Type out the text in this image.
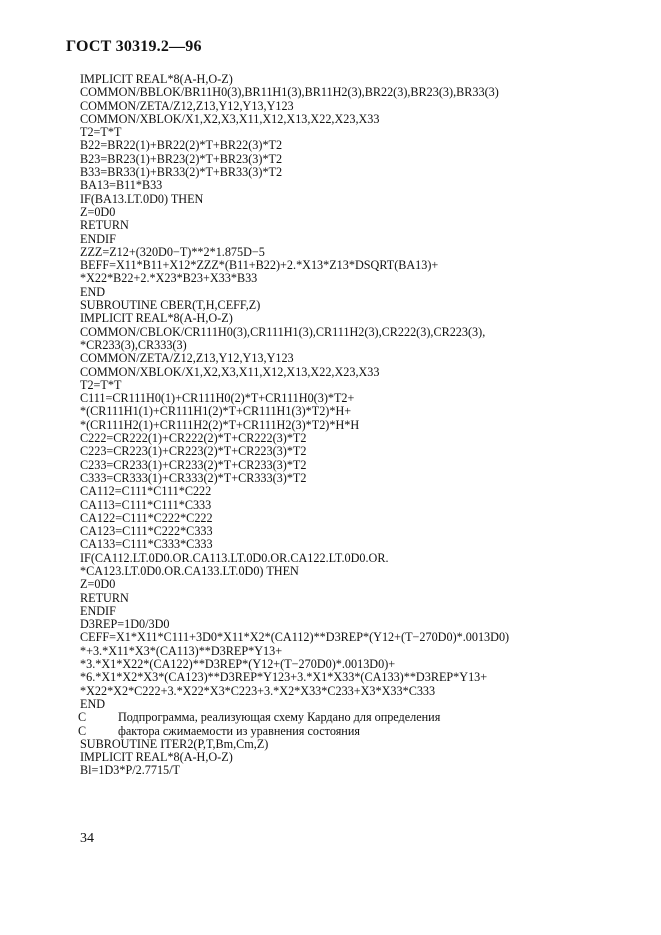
ГОСТ 30319.2—96
IMPLICIT REAL*8(A-H,O-Z)
COMMON/BBLOK/BR11H0(3),BR11H1(3),BR11H2(3),BR22(3),BR23(3),BR33(3)
COMMON/ZETA/Z12,Z13,Y12,Y13,Y123
COMMON/XBLOK/X1,X2,X3,X11,X12,X13,X22,X23,X33
T2=T*T
B22=BR22(1)+BR22(2)*T+BR22(3)*T2
B23=BR23(1)+BR23(2)*T+BR23(3)*T2
B33=BR33(1)+BR33(2)*T+BR33(3)*T2
BA13=B11*B33
IF(BA13.LT.0D0) THEN
Z=0D0
RETURN
ENDIF
ZZZ=Z12+(320D0−T)**2*1.875D−5
BEFF=X11*B11+X12*ZZZ*(B11+B22)+2.*X13*Z13*DSQRT(BA13)+
*X22*B22+2.*X23*B23+X33*B33
END
SUBROUTINE CBER(T,H,CEFF,Z)
IMPLICIT REAL*8(A-H,O-Z)
COMMON/CBLOK/CR111H0(3),CR111H1(3),CR111H2(3),CR222(3),CR223(3),
*CR233(3),CR333(3)
COMMON/ZETA/Z12,Z13,Y12,Y13,Y123
COMMON/XBLOK/X1,X2,X3,X11,X12,X13,X22,X23,X33
T2=T*T
C111=CR111H0(1)+CR111H0(2)*T+CR111H0(3)*T2+
*(CR111H1(1)+CR111H1(2)*T+CR111H1(3)*T2)*H+
*(CR111H2(1)+CR111H2(2)*T+CR111H2(3)*T2)*H*H
C222=CR222(1)+CR222(2)*T+CR222(3)*T2
C223=CR223(1)+CR223(2)*T+CR223(3)*T2
C233=CR233(1)+CR233(2)*T+CR233(3)*T2
C333=CR333(1)+CR333(2)*T+CR333(3)*T2
CA112=C111*C111*C222
CA113=C111*C111*C333
CA122=C111*C222*C222
CA123=C111*C222*C333
CA133=C111*C333*C333
IF(CA112.LT.0D0.OR.CA113.LT.0D0.OR.CA122.LT.0D0.OR.
*CA123.LT.0D0.OR.CA133.LT.0D0) THEN
Z=0D0
RETURN
ENDIF
D3REP=1D0/3D0
CEFF=X1*X11*C111+3D0*X11*X2*(CA112)**D3REP*(Y12+(T−270D0)*.0013D0)
*+3.*X11*X3*(CA113)**D3REP*Y13+
*3.*X1*X22*(CA122)**D3REP*(Y12+(T−270D0)*.0013D0)+
*6.*X1*X2*X3*(CA123)**D3REP*Y123+3.*X1*X33*(CA133)**D3REP*Y13+
*X22*X2*C222+3.*X22*X3*C223+3.*X2*X33*C233+X3*X33*C333
END
C	Подпрограмма, реализующая схему Кардано для определения
C	фактора сжимаемости из уравнения состояния
SUBROUTINE ITER2(P,T,Bm,Cm,Z)
IMPLICIT REAL*8(A-H,O-Z)
Bl=1D3*P/2.7715/T
34
